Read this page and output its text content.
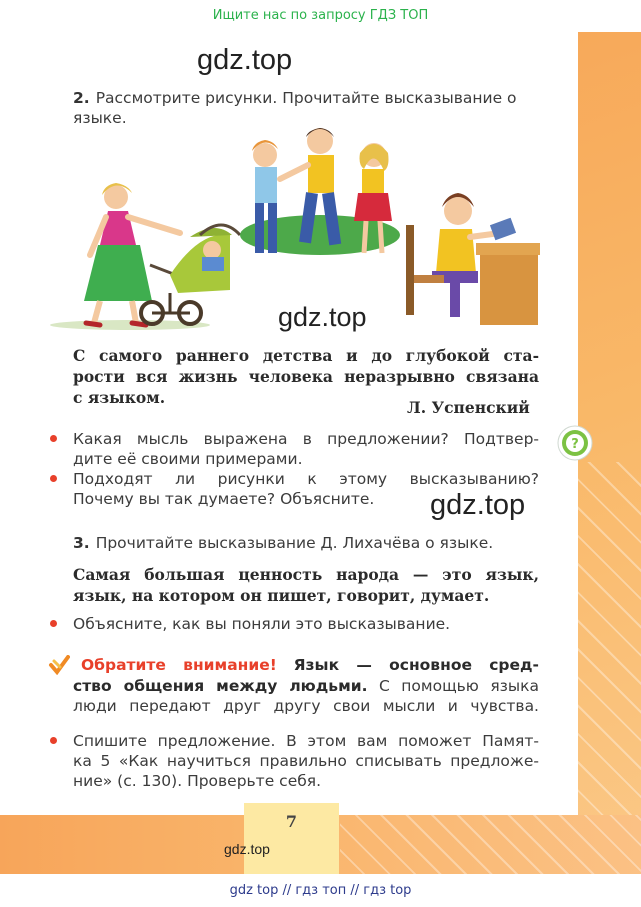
Ищите нас по запросу ГДЗ ТОП
gdz.top
2. Рассмотрите рисунки. Прочитайте высказывание о
языке.
gdz.top
С самого раннего детства и до глубокой ста-
рости вся жизнь человека неразрывно связана
с языком.
Л. Успенский
Какая мысль выражена в предложении? Подтвер-
дите её своими примерами.
Подходят ли рисунки к этому высказыванию?
Почему вы так думаете? Объясните.
?
gdz.top
3. Прочитайте высказывание Д. Лихачёва о языке.
Самая большая ценность народа — это язык,
язык, на котором он пишет, говорит, думает.
Объясните, как вы поняли это высказывание.
Обратите внимание! Язык — основное сред-
ство общения между людьми. С помощью языка
люди передают друг другу свои мысли и чувства.
Спишите предложение. В этом вам поможет Памят-
ка 5 «Как научиться правильно списывать предложе-
ние» (с. 130). Проверьте себя.
7
gdz.top
gdz top // гдз топ // гдз top
